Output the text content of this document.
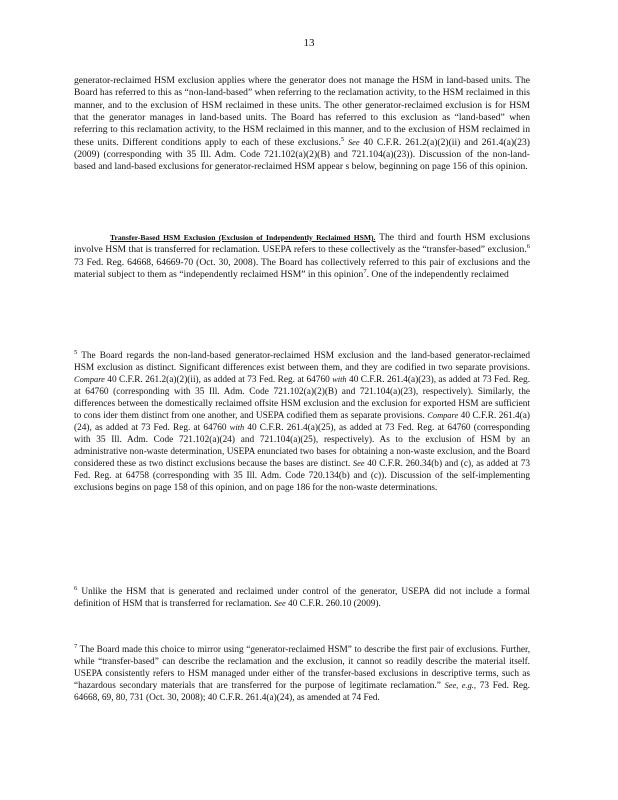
13

generator-reclaimed HSM exclusion applies where the generator does not manage the HSM in land-based units. The Board has referred to this as “non-land-based” when referring to the reclamation activity, to the HSM reclaimed in this manner, and to the exclusion of HSM reclaimed in these units. The other generator-reclaimed exclusion is for HSM that the generator manages in land-based units. The Board has referred to this exclusion as “land-based” when referring to this reclamation activity, to the HSM reclaimed in this manner, and to the exclusion of HSM reclaimed in these units. Different conditions apply to each of these exclusions.$^5$ See 40 C.F.R. 261.2(a)(2)(ii) and 261.4(a)(23) (2009) (corresponding with 35 Ill. Adm. Code 721.102(a)(2)(B) and 721.104(a)(23)). Discussion of the non-land-based and land-based exclusions for generator-reclaimed HSM appear s below, beginning on page 156 of this opinion.

Transfer-Based HSM Exclusion (Exclusion of Independently Reclaimed HSM). The third and fourth HSM exclusions involve HSM that is transferred for reclamation. USEPA refers to these collectively as the “transfer-based” exclusion.$^6$ 73 Fed. Reg. 64668, 64669-70 (Oct. 30, 2008). The Board has collectively referred to this pair of exclusions and the material subject to them as “independently reclaimed HSM” in this opinion$^7$. One of the independently reclaimed

$^5$ The Board regards the non-land-based generator-reclaimed HSM exclusion and the land-based generator-reclaimed HSM exclusion as distinct. Significant differences exist between them, and they are codified in two separate provisions. Compare 40 C.F.R. 261.2(a)(2)(ii), as added at 73 Fed. Reg. at 64760 with 40 C.F.R. 261.4(a)(23), as added at 73 Fed. Reg. at 64760 (corresponding with 35 Ill. Adm. Code 721.102(a)(2)(B) and 721.104(a)(23), respectively). Similarly, the differences between the domestically reclaimed offsite HSM exclusion and the exclusion for exported HSM are sufficient to cons ider them distinct from one another, and USEPA codified them as separate provisions. Compare 40 C.F.R. 261.4(a)(24), as added at 73 Fed. Reg. at 64760 with 40 C.F.R. 261.4(a)(25), as added at 73 Fed. Reg. at 64760 (corresponding with 35 Ill. Adm. Code 721.102(a)(24) and 721.104(a)(25), respectively). As to the exclusion of HSM by an administrative non-waste determination, USEPA enunciated two bases for obtaining a non-waste exclusion, and the Board considered these as two distinct exclusions because the bases are distinct. See 40 C.F.R. 260.34(b) and (c), as added at 73 Fed. Reg. at 64758 (corresponding with 35 Ill. Adm. Code 720.134(b) and (c)). Discussion of the self-implementing exclusions begins on page 158 of this opinion, and on page 186 for the non-waste determinations.

$^6$ Unlike the HSM that is generated and reclaimed under control of the generator, USEPA did not include a formal definition of HSM that is transferred for reclamation. See 40 C.F.R. 260.10 (2009).

$^7$ The Board made this choice to mirror using “generator-reclaimed HSM” to describe the first pair of exclusions. Further, while “transfer-based” can describe the reclamation and the exclusion, it cannot so readily describe the material itself. USEPA consistently refers to HSM managed under either of the transfer-based exclusions in descriptive terms, such as “hazardous secondary materials that are transferred for the purpose of legitimate reclamation.” See, e.g., 73 Fed. Reg. 64668, 69, 80, 731 (Oct. 30, 2008); 40 C.F.R. 261.4(a)(24), as amended at 74 Fed.
